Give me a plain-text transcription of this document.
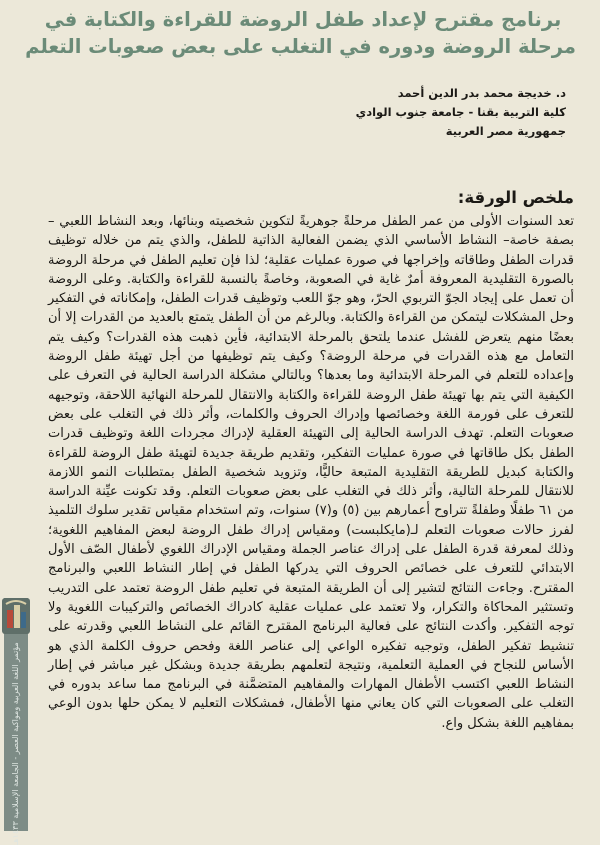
برنامج مقترح لإعداد طفل الروضة للقراءة والكتابة في
مرحلة الروضة ودوره في التغلب على بعض صعوبات التعلم
د. خديجة محمد بدر الدين أحمد
كلية التربية بقنا - جامعة جنوب الوادي
جمهورية مصر العربية
ملخص الورقة:

تعد السنوات الأولى من عمر الطفل مرحلةً جوهريةً لتكوين شخصيته وبنائها، وبعد النشاط اللعبي – بصفة خاصة– النشاط الأساسي الذي يضمن الفعالية الذاتية للطفل، والذي يتم من خلاله توظيف قدرات الطفل وطاقاته وإخراجها في صورة عمليات عقلية؛ لذا فإن تعليم الطفل في مرحلة الروضة بالصورة التقليدية المعروفة أمرٌ غاية في الصعوبة، وخاصةً بالنسبة للقراءة والكتابة. وعلى الروضة أن تعمل على إيجاد الجوّ التربوي الحرّ، وهو جوّ اللعب وتوظيف قدرات الطفل، وإمكاناته في التفكير وحل المشكلات ليتمكن من القراءة والكتابة. وبالرغم من أن الطفل يتمتع بالعديد من القدرات إلا أن بعضًا منهم يتعرض للفشل عندما يلتحق بالمرحلة الابتدائية، فأين ذهبت هذه القدرات؟ وكيف يتم التعامل مع هذه القدرات في مرحلة الروضة؟ وكيف يتم توظيفها من أجل تهيئة طفل الروضة وإعداده للتعلم في المرحلة الابتدائية وما بعدها؟ وبالتالي مشكلة الدراسة الحالية في التعرف على الكيفية التي يتم بها تهيئة طفل الروضة للقراءة والكتابة والانتقال للمرحلة النهائية اللاحقة، وتوجيهه للتعرف على فورمة اللغة وخصائصها وإدراك الحروف والكلمات، وأثر ذلك في التغلب على بعض صعوبات التعلم. تهدف الدراسة الحالية إلى التهيئة العقلية لإدراك مجردات اللغة وتوظيف قدرات الطفل بكل طاقاتها في صورة عمليات التفكير، وتقديم طريقة جديدة لتهيئة طفل الروضة للقراءة والكتابة كبديل للطريقة التقليدية المتبعة حاليًّا، وتزويد شخصية الطفل بمتطلبات النمو اللازمة للانتقال للمرحلة التالية، وأثر ذلك في التغلب على بعض صعوبات التعلم. وقد تكونت عيِّنة الدراسة من ٦١ طفلًا وطفلةً تتراوح أعمارهم بين (٥) و(٧) سنوات، وتم استخدام مقياس تقدير سلوك التلميذ لفرز حالات صعوبات التعلم لـ(مايكلبست) ومقياس إدراك طفل الروضة لبعض المفاهيم اللغوية؛ وذلك لمعرفة قدرة الطفل على إدراك عناصر الجملة ومقياس الإدراك اللغوي لأطفال الصّف الأول الابتدائي للتعرف على خصائص الحروف التي يدركها الطفل في إطار النشاط اللعبي والبرنامج المقترح. وجاءت النتائج لتشير إلى أن الطريقة المتبعة في تعليم طفل الروضة تعتمد على التدريب وتستثير المحاكاة والتكرار، ولا تعتمد على عمليات عقلية كادراك الخصائص والتركيبات اللغوية ولا توجه التفكير. وأكدت النتائج على فعالية البرنامج المقترح القائم على النشاط اللعبي وقدرته على تنشيط تفكير الطفل، وتوجيه تفكيره الواعي إلى عناصر اللغة وفحص حروف الكلمة الذي هو الأساس للنجاح في العملية التعلمية، ونتيجة لتعلمهم بطريقة جديدة وبشكل غير مباشر في إطار النشاط اللعبي اكتسب الأطفال المهارات والمفاهيم المتضمَّنة في البرنامج مما ساعد بدوره في التغلب على الصعوبات التي كان يعاني منها الأطفال، فمشكلات التعليم لا يمكن حلها بدون الوعي بمفاهيم اللغة بشكل واع.

مؤتمر اللغة العربية ومواكبة العصر - الجامعة الإسلامية ١٤٣٣هـ
